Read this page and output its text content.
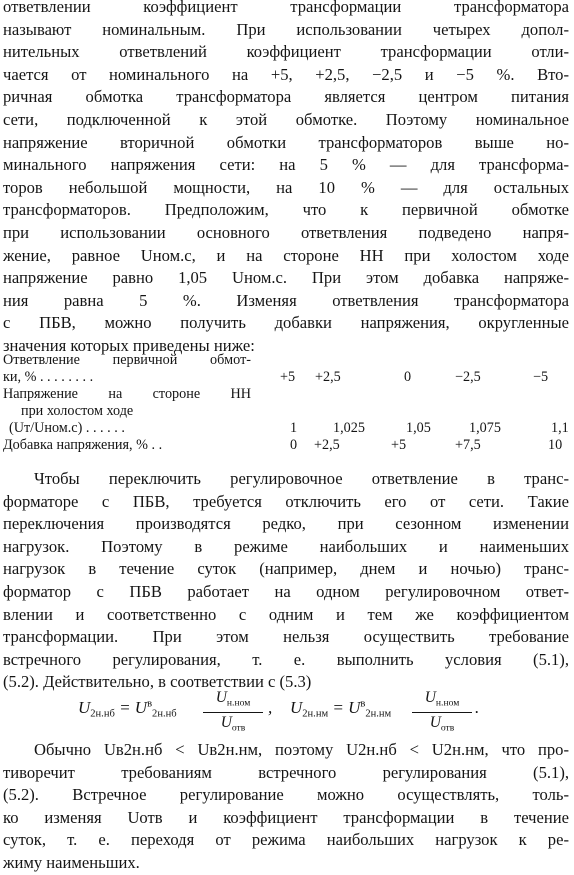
ответвлении коэффициент трансформации трансформатора
называют номинальным. При использовании четырех допол-
нительных ответвлений коэффициент трансформации отли-
чается от номинального на +5, +2,5, −2,5 и −5 %. Вто-
ричная обмотка трансформатора является центром питания
сети, подключенной к этой обмотке. Поэтому номинальное
напряжение вторичной обмотки трансформаторов выше но-
минального напряжения сети: на 5 % — для трансформа-
торов небольшой мощности, на 10 % — для остальных
трансформаторов. Предположим, что к первичной обмотке
при использовании основного ответвления подведено напря-
жение, равное Uном.с, и на стороне НН при холостом ходе
напряжение равно 1,05 Uном.с. При этом добавка напряже-
ния равна 5 %. Изменяя ответвления трансформатора
с ПБВ, можно получить добавки напряжения, округленные
значения которых приведены ниже:
Ответвление первичной обмот-
ки, % . . . . . . . .	+5 +2,5	0	−2,5	−5
Напряжение на стороне НН
при холостом ходе
(Uт/Uном.с) . . . . . .	1	1,025	1,05	1,075	1,1
Добавка напряжения, % . .	0 +2,5	+5	+7,5	10
Чтобы переключить регулировочное ответвление в транс-
форматоре с ПБВ, требуется отключить его от сети. Такие
переключения производятся редко, при сезонном изменении
нагрузок. Поэтому в режиме наибольших и наименьших
нагрузок в течение суток (например, днем и ночью) транс-
форматор с ПБВ работает на одном регулировочном ответ-
влении и соответственно с одним и тем же коэффициентом
трансформации. При этом нельзя осуществить требование
встречного регулирования, т. е. выполнить условия (5.1),
(5.2). Действительно, в соответствии с (5.3)
$U_{2н.нб} = U^в_{2н.нб}$
$U_{н.ном}$
$U_{отв}$
, $U_{2н.нм} = U^в_{2н.нм}$
$U_{н.ном}$
$U_{отв}$
.
Обычно Uв2н.нб < Uв2н.нм, поэтому U2н.нб < U2н.нм, что про-
тиворечит требованиям встречного регулирования (5.1),
(5.2). Встречное регулирование можно осуществлять, толь-
ко изменяя Uотв и коэффициент трансформации в течение
суток, т. е. переходя от режима наибольших нагрузок к ре-
жиму наименьших.
